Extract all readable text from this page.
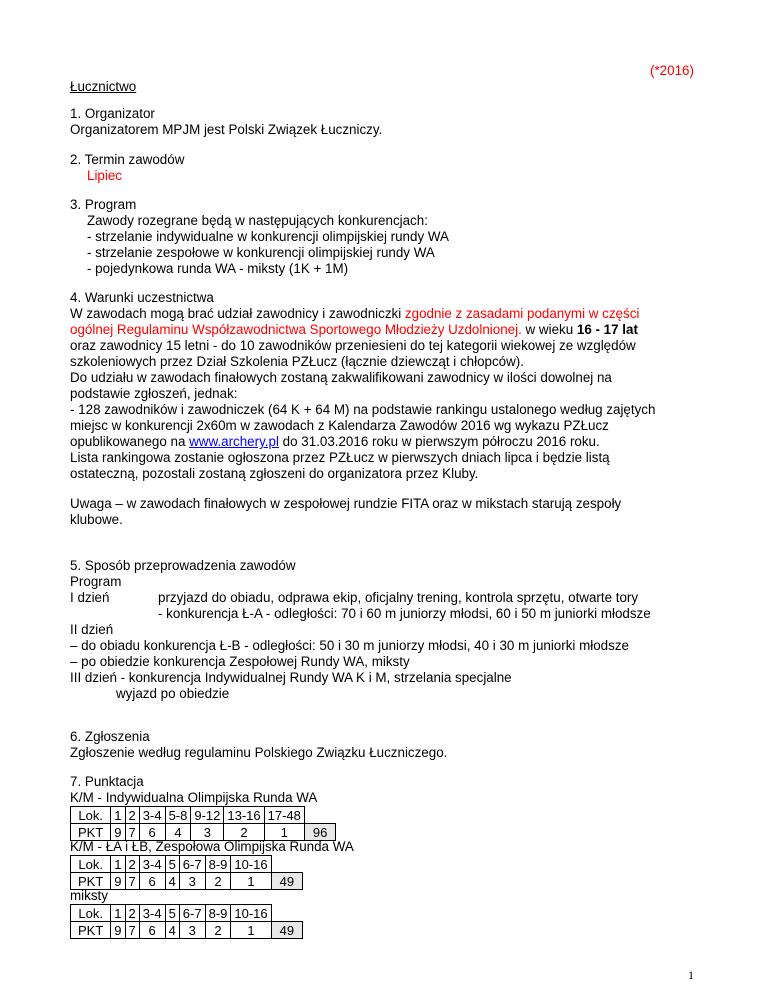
(*2016)
Łucznictwo
1. Organizator
Organizatorem MPJM jest Polski Związek Łuczniczy.
2. Termin zawodów
Lipiec
3. Program
Zawody rozegrane będą w następujących konkurencjach:
- strzelanie indywidualne w konkurencji olimpijskiej rundy WA
- strzelanie zespołowe w konkurencji olimpijskiej rundy WA
- pojedynkowa runda WA - miksty (1K + 1M)
4. Warunki uczestnictwa
W zawodach mogą brać udział zawodnicy i zawodniczki zgodnie z zasadami podanymi w części
ogólnej Regulaminu Współzawodnictwa Sportowego Młodzieży Uzdolnionej. w wieku 16 - 17 lat
oraz zawodnicy 15 letni - do 10 zawodników przeniesieni do tej kategorii wiekowej ze względów
szkoleniowych przez Dział Szkolenia PZŁucz (łącznie dziewcząt i chłopców).
Do udziału w zawodach finałowych zostaną zakwalifikowani zawodnicy w ilości dowolnej na
podstawie zgłoszeń, jednak:
- 128 zawodników i zawodniczek (64 K + 64 M) na podstawie rankingu ustalonego według zajętych
miejsc w konkurencji 2x60m w zawodach z Kalendarza Zawodów 2016 wg wykazu PZŁucz
opublikowanego na www.archery.pl do 31.03.2016 roku w pierwszym półroczu 2016 roku.
Lista rankingowa zostanie ogłoszona przez PZŁucz w pierwszych dniach lipca i będzie listą
ostateczną, pozostali zostaną zgłoszeni do organizatora przez Kluby.
Uwaga – w zawodach finałowych w zespołowej rundzie FITA oraz w mikstach starują zespoły
klubowe.
5. Sposób przeprowadzenia zawodów
Program
I dzień	przyjazd do obiadu, odprawa ekip, oficjalny trening, kontrola sprzętu, otwarte tory
- konkurencja Ł-A - odległości: 70 i 60 m juniorzy młodsi, 60 i 50 m juniorki młodsze
II dzień
– do obiadu konkurencja Ł-B - odległości: 50 i 30 m juniorzy młodsi, 40 i 30 m juniorki młodsze
– po obiedzie konkurencja Zespołowej Rundy WA, miksty
III dzień - konkurencja Indywidualnej Rundy WA K i M, strzelania specjalne
wyjazd po obiedzie
6. Zgłoszenia
Zgłoszenie według regulaminu Polskiego Związku Łuczniczego.
7. Punktacja
K/M - Indywidualna Olimpijska Runda WA
Lok.	1	2	3-4	5-8	9-12	13-16	17-48	
PKT	9	7	6	4	3	2	1	96
K/M - ŁA i ŁB, Zespołowa Olimpijska Runda WA
Lok.	1	2	3-4	5	6-7	8-9	10-16	
PKT	9	7	6	4	3	2	1	49
miksty
Lok.	1	2	3-4	5	6-7	8-9	10-16	
PKT	9	7	6	4	3	2	1	49
1
